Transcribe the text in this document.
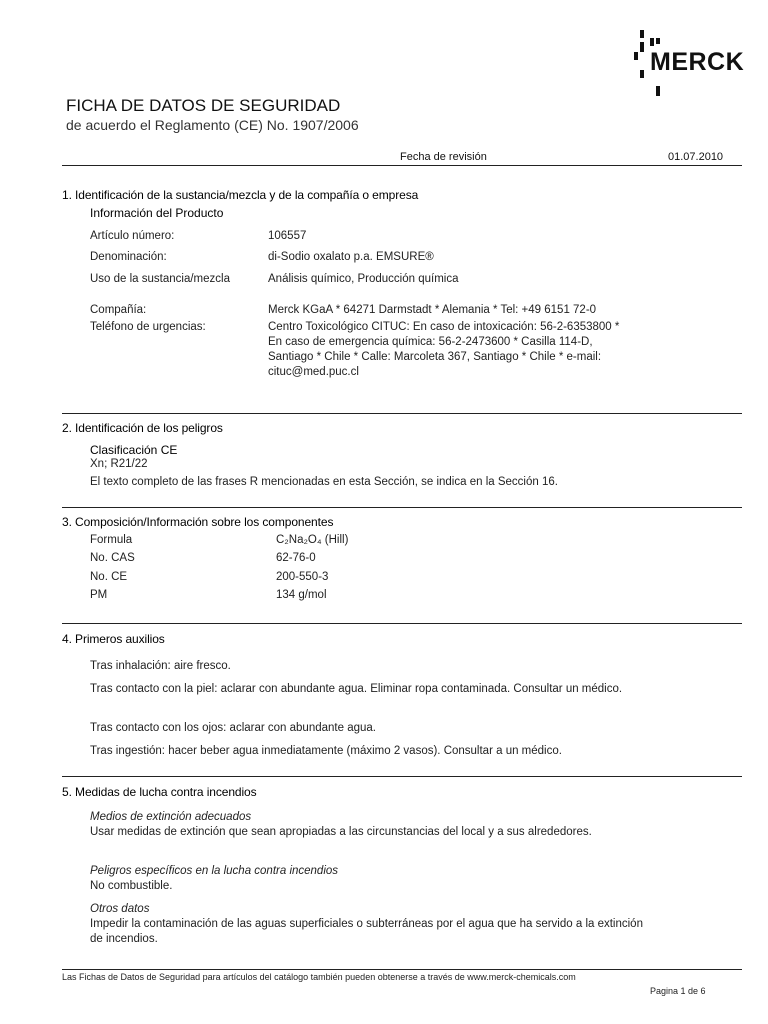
MERCK
FICHA DE DATOS DE SEGURIDAD
de acuerdo el Reglamento (CE) No. 1907/2006
Fecha de revisión	01.07.2010
1. Identificación de la sustancia/mezcla y de la compañía o empresa
Información del Producto
Artículo número:	106557
Denominación:	di-Sodio oxalato p.a. EMSURE®
Uso de la sustancia/mezcla	Análisis químico, Producción química
Compañía:	Merck KGaA * 64271 Darmstadt * Alemania * Tel: +49 6151 72-0
Teléfono de urgencias:	Centro Toxicológico CITUC: En caso de intoxicación: 56-2-6353800 *
En caso de emergencia química: 56-2-2473600 * Casilla 114-D,
Santiago * Chile * Calle: Marcoleta 367, Santiago * Chile * e-mail:
cituc@med.puc.cl
2. Identificación de los peligros
Clasificación CE
Xn; R21/22
El texto completo de las frases R mencionadas en esta Sección, se indica en la Sección 16.
3. Composición/Información sobre los componentes
Formula	C₂Na₂O₄ (Hill)
No. CAS	62-76-0
No. CE	200-550-3
PM	134 g/mol
4. Primeros auxilios
Tras inhalación: aire fresco.
Tras contacto con la piel: aclarar con abundante agua. Eliminar ropa contaminada. Consultar un médico.
Tras contacto con los ojos: aclarar con abundante agua.
Tras ingestión: hacer beber agua inmediatamente (máximo 2 vasos). Consultar a un médico.
5. Medidas de lucha contra incendios
Medios de extinción adecuados
Usar medidas de extinción que sean apropiadas a las circunstancias del local y a sus alrededores.
Peligros específicos en la lucha contra incendios
No combustible.
Otros datos
Impedir la contaminación de las aguas superficiales o subterráneas por el agua que ha servido a la extinción de incendios.
Las Fichas de Datos de Seguridad para artículos del catálogo también pueden obtenerse a través de www.merck-chemicals.com
Pagina 1 de 6
